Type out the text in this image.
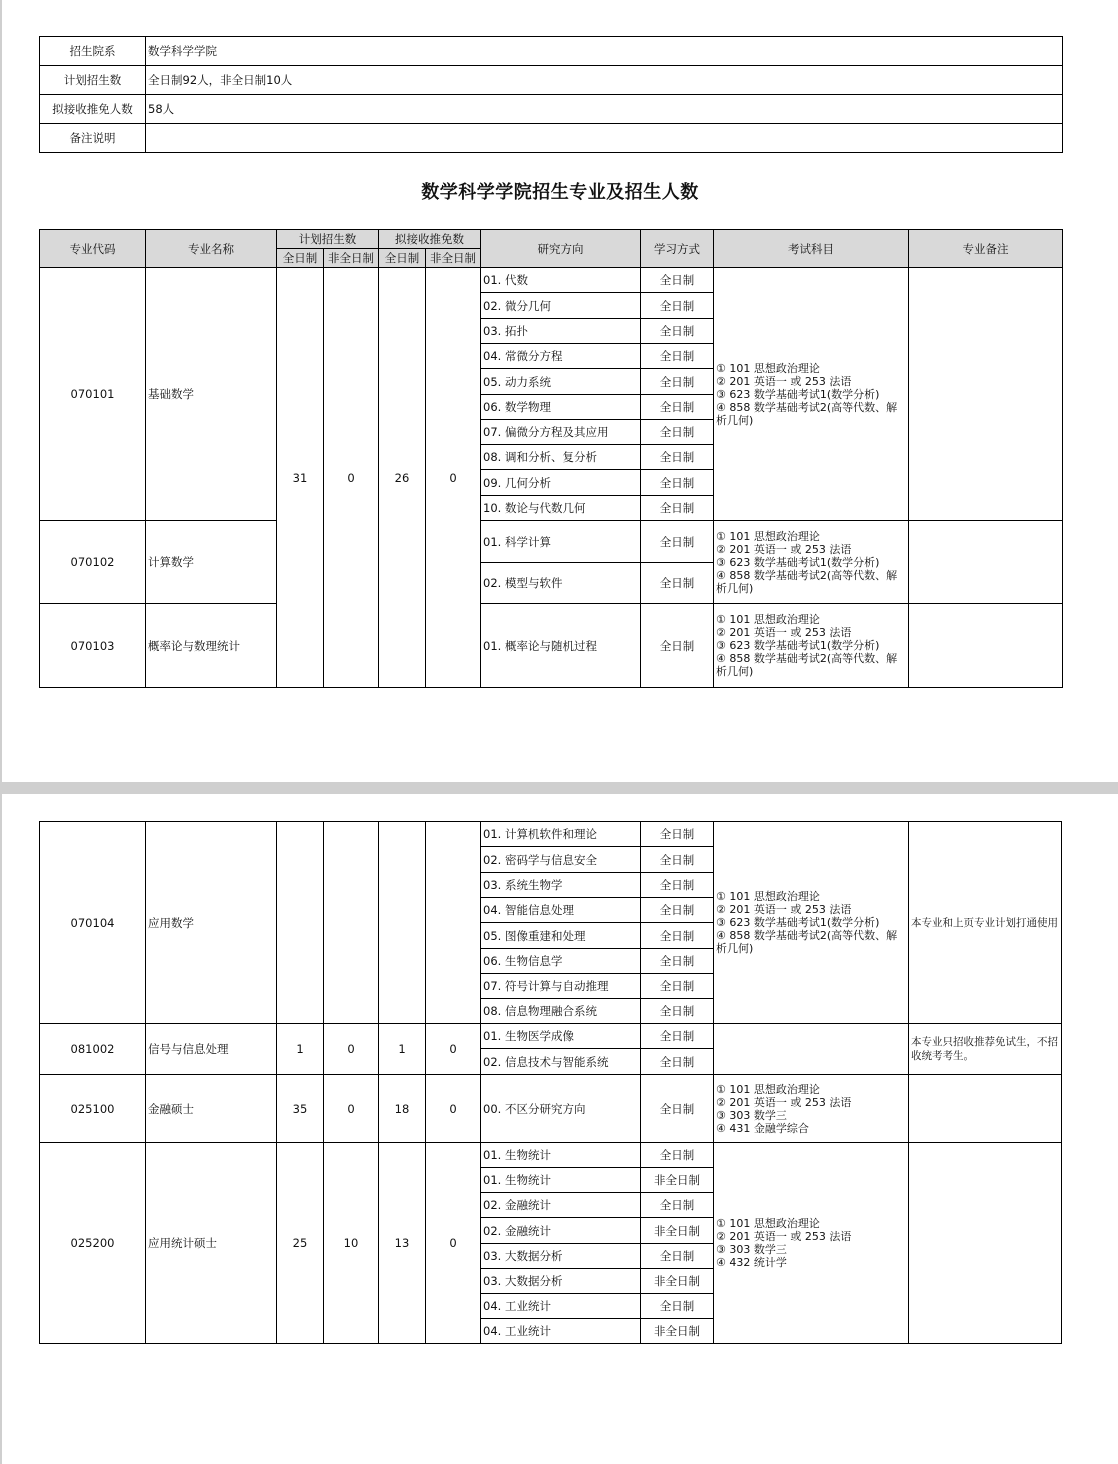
招生院系	数学科学学院
计划招生数	全日制92人，非全日制10人
拟接收推免人数	58人
备注说明	
数学科学学院招生专业及招生人数
专业代码	专业名称	计划招生数		拟接收推免数		研究方向	学习方式	考试科目	专业备注
		全日制	非全日制	全日制	非全日制				
070101	基础数学	31	0	26	0	01. 代数	全日制	① 101 思想政治理论
② 201 英语一 或 253 法语
③ 623 数学基础考试1(数学分析)
④ 858 数学基础考试2(高等代数、解析几何)	
						02. 微分几何	全日制		
						03. 拓扑	全日制		
						04. 常微分方程	全日制		
						05. 动力系统	全日制		
						06. 数学物理	全日制		
						07. 偏微分方程及其应用	全日制		
						08. 调和分析、复分析	全日制		
						09. 几何分析	全日制		
						10. 数论与代数几何	全日制		
070102	计算数学					01. 科学计算	全日制	① 101 思想政治理论
② 201 英语一 或 253 法语
③ 623 数学基础考试1(数学分析)
④ 858 数学基础考试2(高等代数、解析几何)	
						02. 模型与软件	全日制		
070103	概率论与数理统计					01. 概率论与随机过程	全日制	① 101 思想政治理论
② 201 英语一 或 253 法语
③ 623 数学基础考试1(数学分析)
④ 858 数学基础考试2(高等代数、解析几何)	
070104	应用数学					01. 计算机软件和理论	全日制	① 101 思想政治理论
② 201 英语一 或 253 法语
③ 623 数学基础考试1(数学分析)
④ 858 数学基础考试2(高等代数、解析几何)	本专业和上页专业计划打通使用
						02. 密码学与信息安全	全日制		
						03. 系统生物学	全日制		
						04. 智能信息处理	全日制		
						05. 图像重建和处理	全日制		
						06. 生物信息学	全日制		
						07. 符号计算与自动推理	全日制		
						08. 信息物理融合系统	全日制		
081002	信号与信息处理	1	0	1	0	01. 生物医学成像	全日制		本专业只招收推荐免试生，不招收统考考生。
						02. 信息技术与智能系统	全日制		
025100	金融硕士	35	0	18	0	00. 不区分研究方向	全日制	① 101 思想政治理论
② 201 英语一 或 253 法语
③ 303 数学三
④ 431 金融学综合	
025200	应用统计硕士	25	10	13	0	01. 生物统计	全日制	① 101 思想政治理论
② 201 英语一 或 253 法语
③ 303 数学三
④ 432 统计学	
						01. 生物统计	非全日制		
						02. 金融统计	全日制		
						02. 金融统计	非全日制		
						03. 大数据分析	全日制		
						03. 大数据分析	非全日制		
						04. 工业统计	全日制		
						04. 工业统计	非全日制		
